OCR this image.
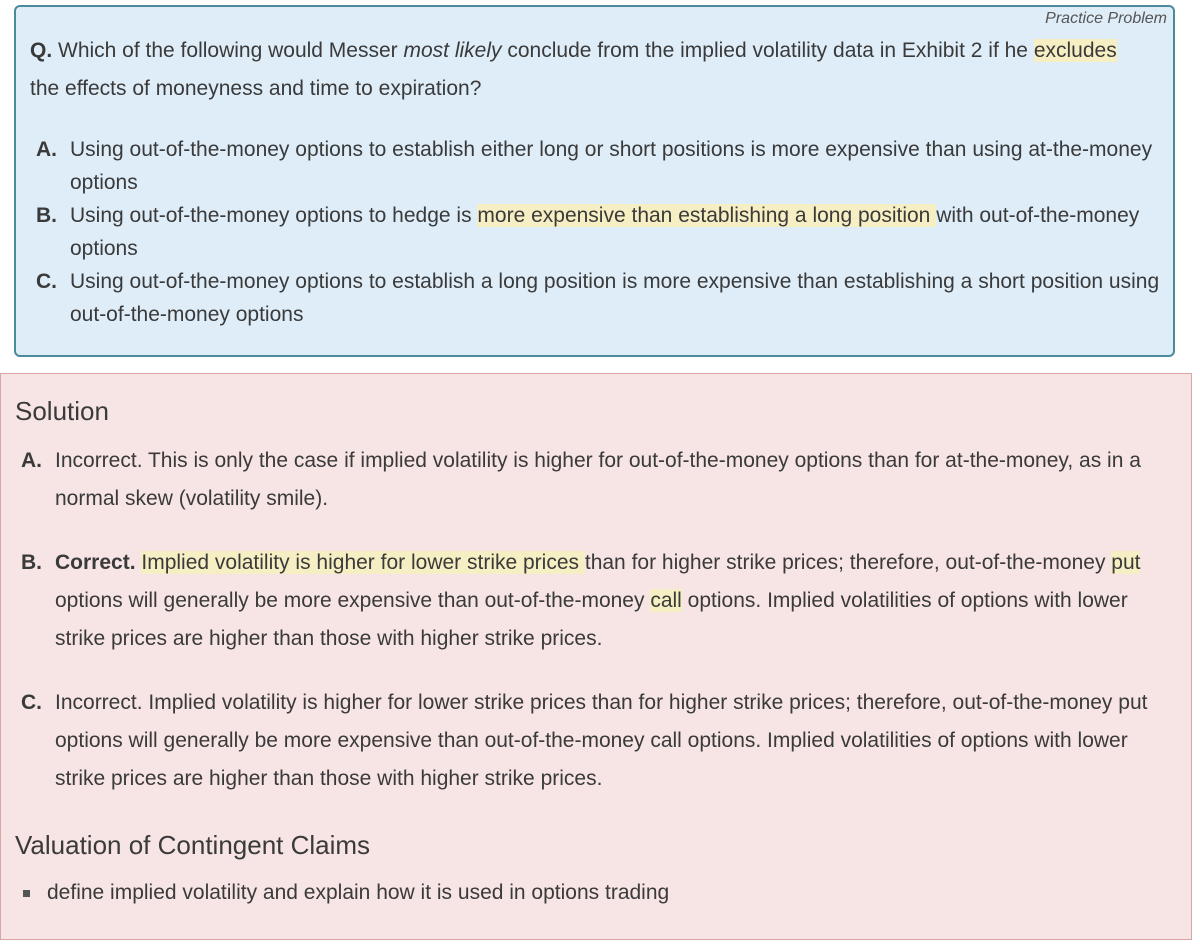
Practice Problem
Q. Which of the following would Messer most likely conclude from the implied volatility data in Exhibit 2 if he excludes the effects of moneyness and time to expiration?
A. Using out-of-the-money options to establish either long or short positions is more expensive than using at-the-money options
B. Using out-of-the-money options to hedge is more expensive than establishing a long position with out-of-the-money options
C. Using out-of-the-money options to establish a long position is more expensive than establishing a short position using out-of-the-money options
Solution
A. Incorrect. This is only the case if implied volatility is higher for out-of-the-money options than for at-the-money, as in a normal skew (volatility smile).
B. Correct. Implied volatility is higher for lower strike prices than for higher strike prices; therefore, out-of-the-money put options will generally be more expensive than out-of-the-money call options. Implied volatilities of options with lower strike prices are higher than those with higher strike prices.
C. Incorrect. Implied volatility is higher for lower strike prices than for higher strike prices; therefore, out-of-the-money put options will generally be more expensive than out-of-the-money call options. Implied volatilities of options with lower strike prices are higher than those with higher strike prices.
Valuation of Contingent Claims
define implied volatility and explain how it is used in options trading
